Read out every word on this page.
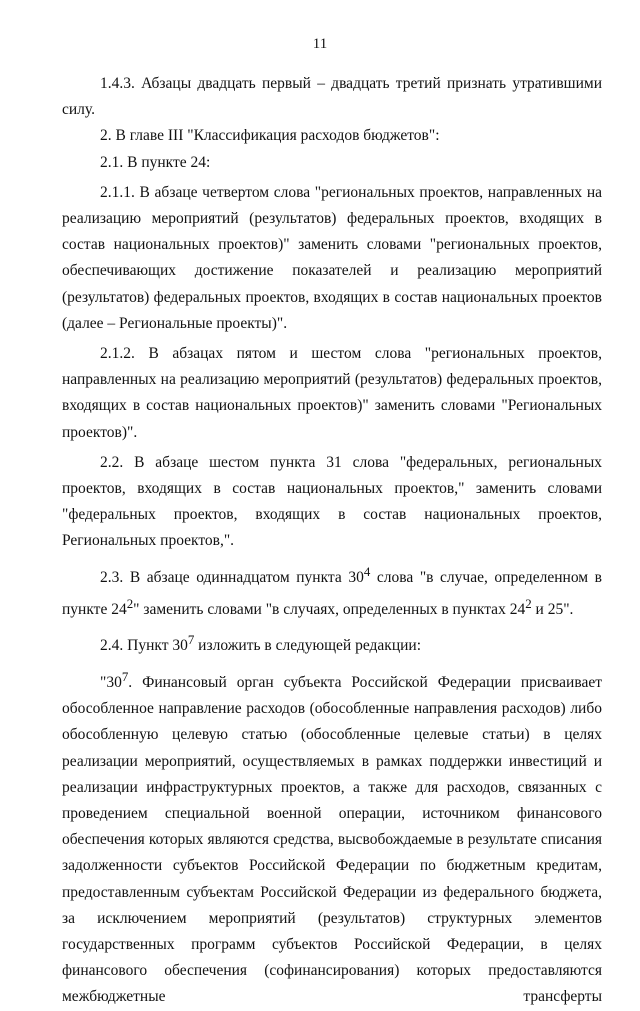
11

1.4.3. Абзацы двадцать первый – двадцать третий признать утратившими силу.

2. В главе III "Классификация расходов бюджетов":

2.1. В пункте 24:

2.1.1. В абзаце четвертом слова "региональных проектов, направленных на реализацию мероприятий (результатов) федеральных проектов, входящих в состав национальных проектов)" заменить словами "региональных проектов, обеспечивающих достижение показателей и реализацию мероприятий (результатов) федеральных проектов, входящих в состав национальных проектов (далее – Региональные проекты)".

2.1.2. В абзацах пятом и шестом слова "региональных проектов, направленных на реализацию мероприятий (результатов) федеральных проектов, входящих в состав национальных проектов)" заменить словами "Региональных проектов)".

2.2. В абзаце шестом пункта 31 слова "федеральных, региональных проектов, входящих в состав национальных проектов," заменить словами "федеральных проектов, входящих в состав национальных проектов, Региональных проектов,".

2.3. В абзаце одиннадцатом пункта $30^4$ слова "в случае, определенном в пункте $24^2$" заменить словами "в случаях, определенных в пунктах $24^2$ и 25".

2.4. Пункт $30^7$ изложить в следующей редакции:

"$30^7$. Финансовый орган субъекта Российской Федерации присваивает обособленное направление расходов (обособленные направления расходов) либо обособленную целевую статью (обособленные целевые статьи) в целях реализации мероприятий, осуществляемых в рамках поддержки инвестиций и реализации инфраструктурных проектов, а также для расходов, связанных с проведением специальной военной операции, источником финансового обеспечения которых являются средства, высвобождаемые в результате списания задолженности субъектов Российской Федерации по бюджетным кредитам, предоставленным субъектам Российской Федерации из федерального бюджета, за исключением мероприятий (результатов) структурных элементов государственных программ субъектов Российской Федерации, в целях финансового обеспечения (софинансирования) которых предоставляются межбюджетные трансферты
